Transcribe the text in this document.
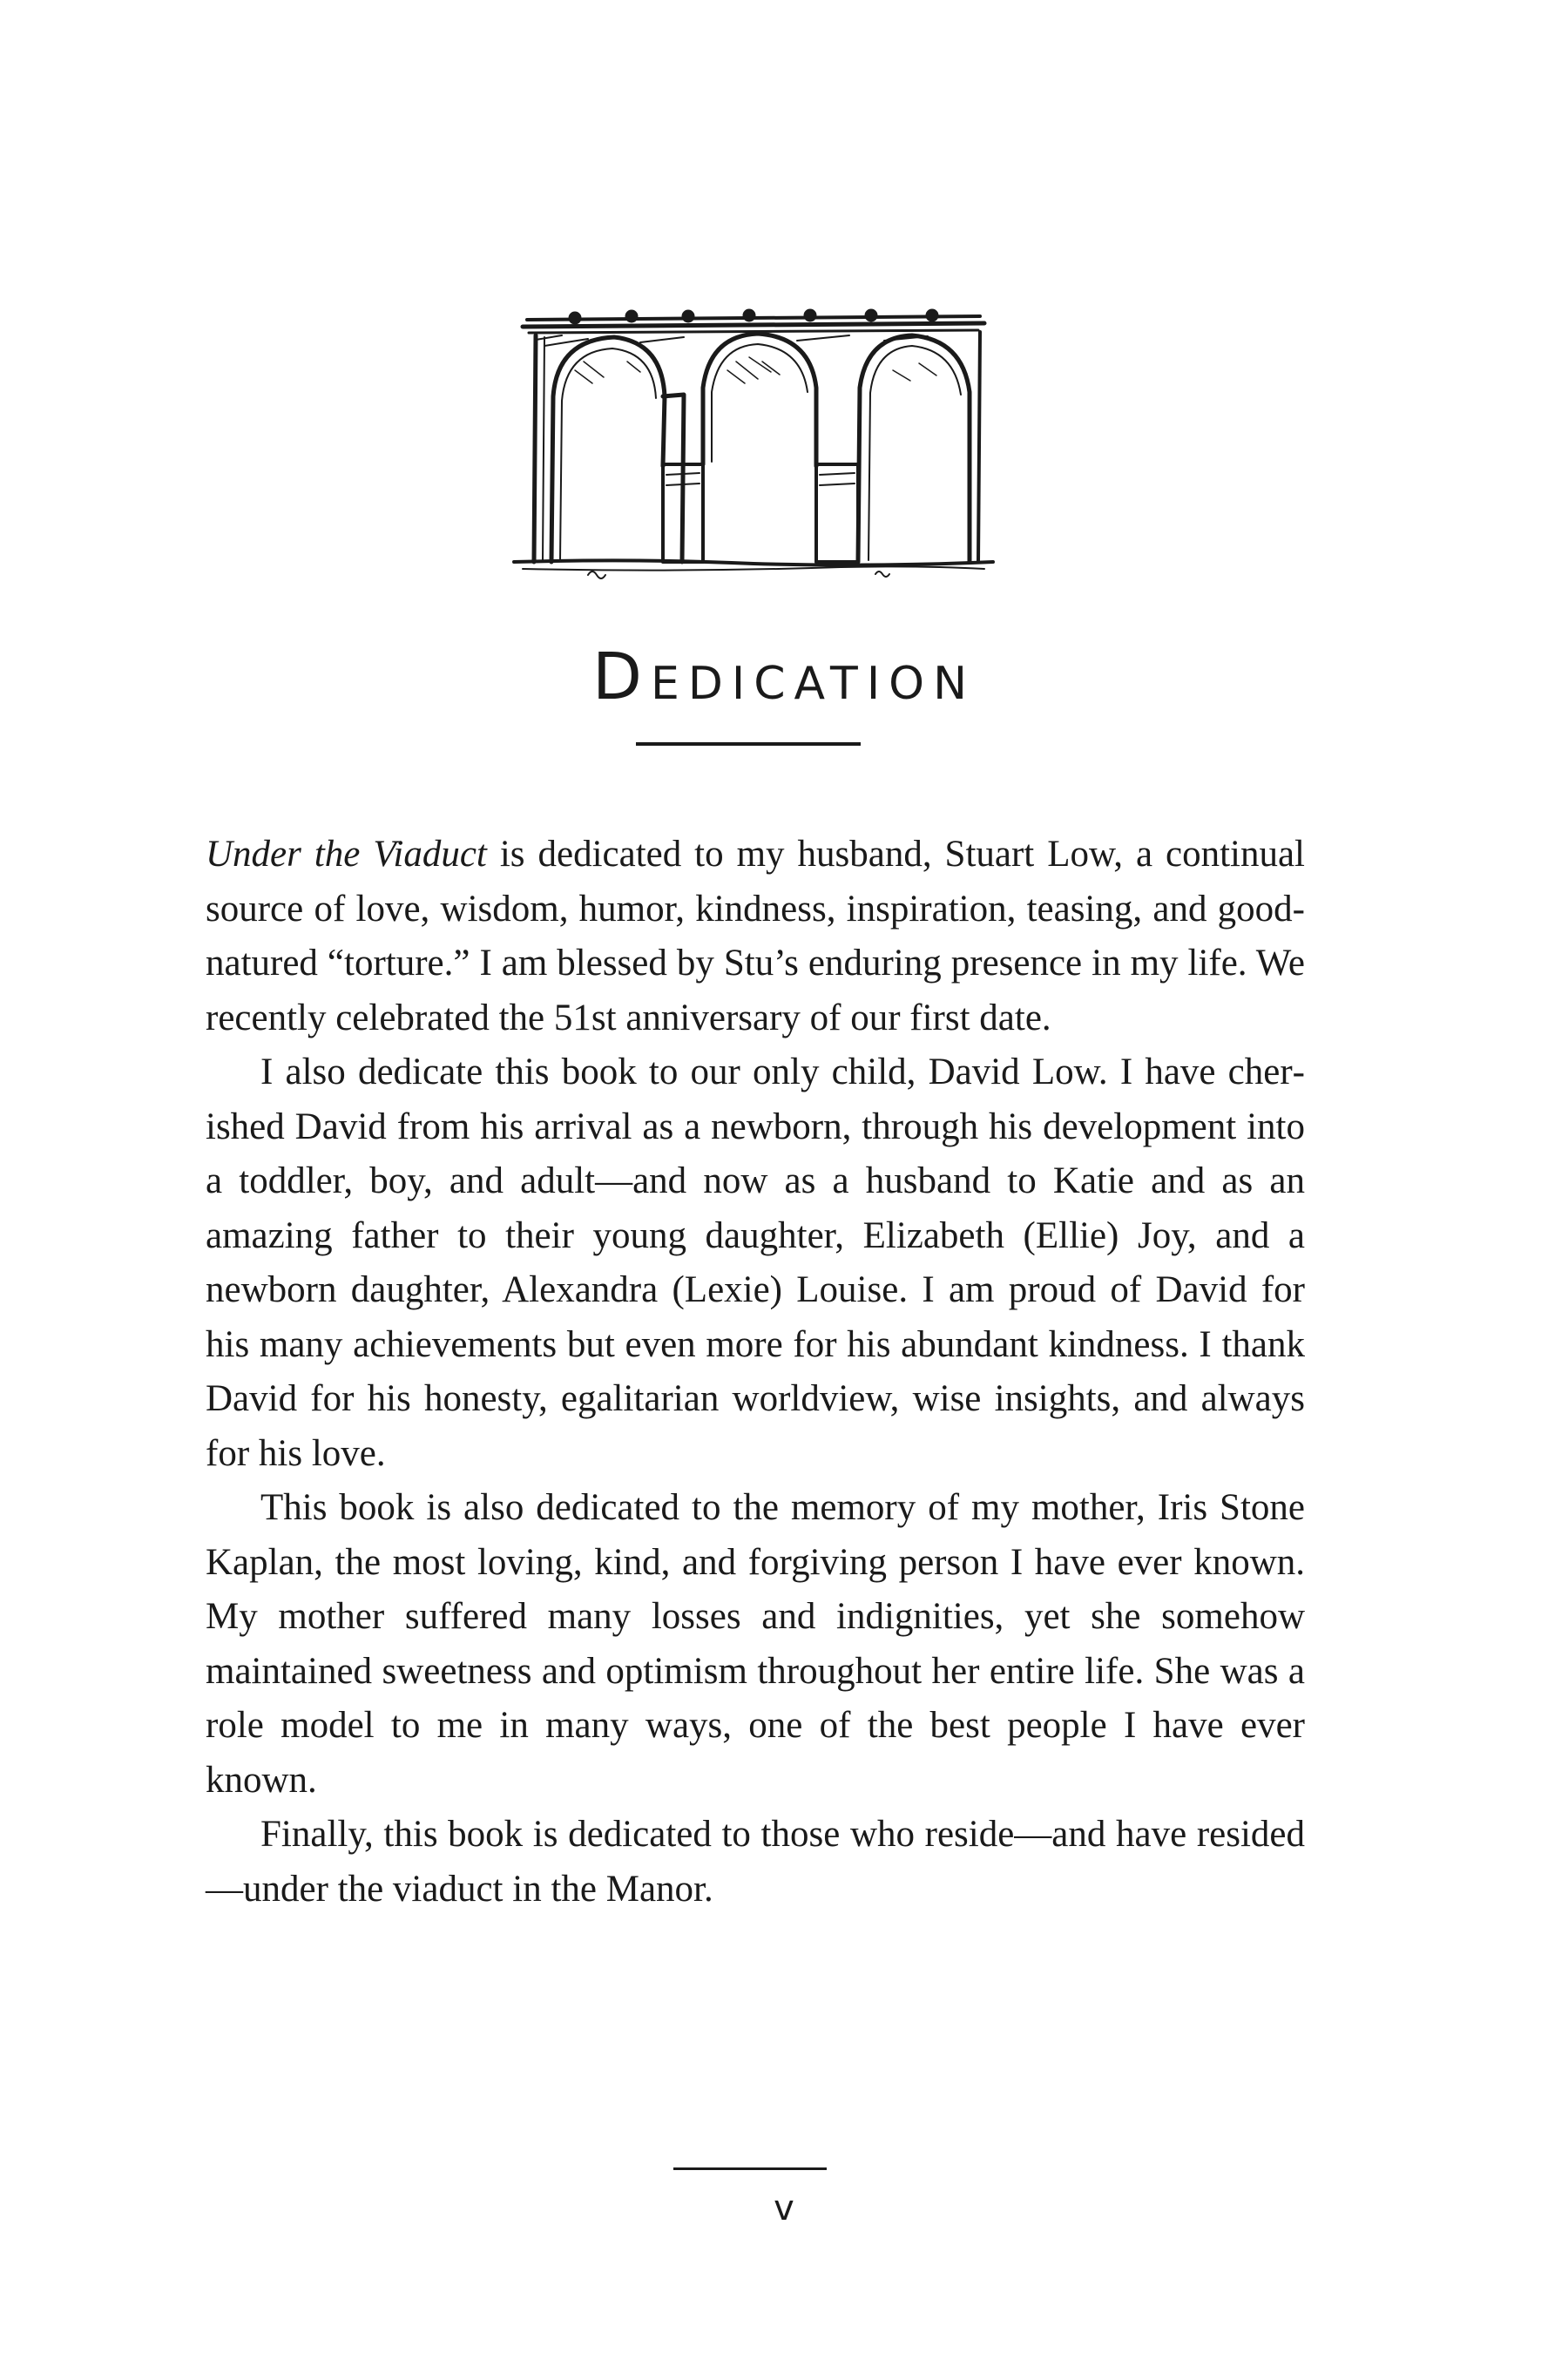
Dedication

Under the Viaduct is dedicated to my husband, Stuart Low, a continual source of love, wisdom, humor, kindness, inspiration, teasing, and good-natured “torture.” I am blessed by Stu’s enduring presence in my life. We recently celebrated the 51st anniversary of our first date.

I also dedicate this book to our only child, David Low. I have cherished David from his arrival as a newborn, through his development into a toddler, boy, and adult—and now as a husband to Katie and as an amazing father to their young daughter, Elizabeth (Ellie) Joy, and a newborn daughter, Alexandra (Lexie) Louise. I am proud of David for his many achievements but even more for his abundant kindness. I thank David for his honesty, egalitarian worldview, wise insights, and always for his love.

This book is also dedicated to the memory of my mother, Iris Stone Kaplan, the most loving, kind, and forgiving person I have ever known. My mother suffered many losses and indignities, yet she somehow maintained sweetness and optimism throughout her entire life. She was a role model to me in many ways, one of the best people I have ever known.

Finally, this book is dedicated to those who reside—and have resided—under the viaduct in the Manor.

v
